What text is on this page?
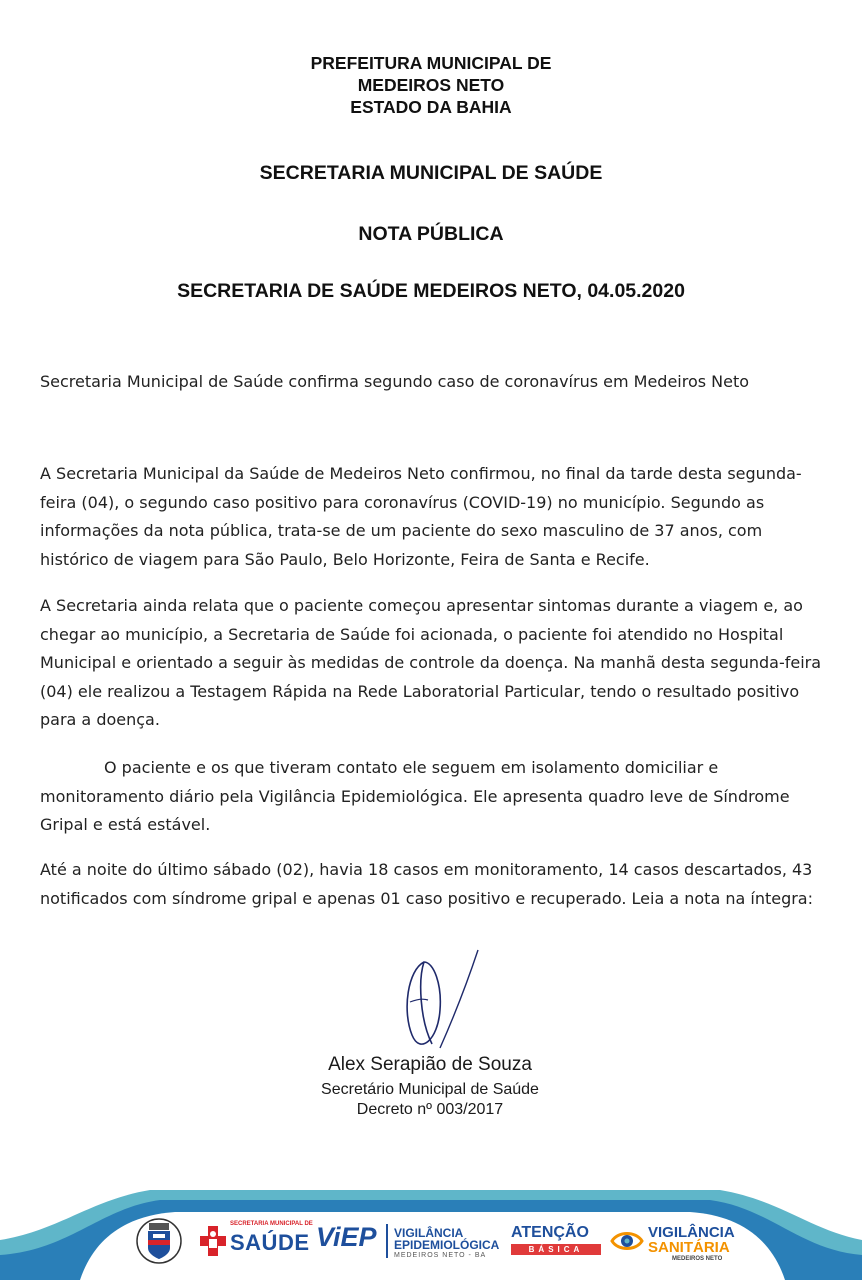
PREFEITURA MUNICIPAL DE
MEDEIROS NETO
ESTADO DA BAHIA
SECRETARIA MUNICIPAL DE SAÚDE
NOTA PÚBLICA
SECRETARIA DE SAÚDE MEDEIROS NETO, 04.05.2020

Secretaria Municipal de Saúde confirma segundo caso de coronavírus em Medeiros Neto

A Secretaria Municipal da Saúde de Medeiros Neto confirmou, no final da tarde desta segunda-feira (04), o segundo caso positivo para coronavírus (COVID-19) no município. Segundo as informações da nota pública, trata-se de um paciente do sexo masculino de 37 anos, com histórico de viagem para São Paulo, Belo Horizonte, Feira de Santa e Recife.

A Secretaria ainda relata que o paciente começou apresentar sintomas durante a viagem e, ao chegar ao município, a Secretaria de Saúde foi acionada, o paciente foi atendido no Hospital Municipal e orientado a seguir às medidas de controle da doença. Na manhã desta segunda-feira (04) ele realizou a Testagem Rápida na Rede Laboratorial Particular, tendo o resultado positivo para a doença.

O paciente e os que tiveram contato ele seguem em isolamento domiciliar e monitoramento diário pela Vigilância Epidemiológica. Ele apresenta quadro leve de Síndrome Gripal e está estável.

Até a noite do último sábado (02), havia 18 casos em monitoramento, 14 casos descartados, 43 notificados com síndrome gripal e apenas 01 caso positivo e recuperado. Leia a nota na íntegra:

Alex Serapião de Souza
Secretário Municipal de Saúde
Decreto nº 003/2017
SECRETARIA MUNICIPAL DE
SAÚDE ViEP VIGILÂNCIA
EPIDEMIOLÓGICA
MEDEIROS NETO - BA
ATENÇÃO
BÁSICA
VIGILÂNCIA
SANITÁRIA
MEDEIROS NETO
